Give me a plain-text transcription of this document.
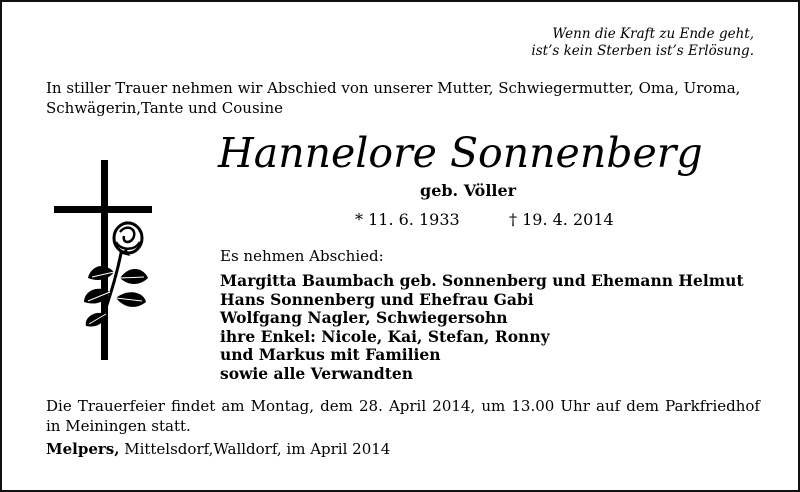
Wenn die Kraft zu Ende geht,
ist’s kein Sterben ist’s Erlösung.
In stiller Trauer nehmen wir Abschied von unserer Mutter, Schwiegermutter, Oma, Uroma,
Schwägerin,Tante und Cousine
Hannelore Sonnenberg
geb. Völler
* 11. 6. 1933	† 19. 4. 2014
Es nehmen Abschied:
Margitta Baumbach geb. Sonnenberg und Ehemann Helmut
Hans Sonnenberg und Ehefrau Gabi
Wolfgang Nagler, Schwiegersohn
ihre Enkel: Nicole, Kai, Stefan, Ronny
und Markus mit Familien
sowie alle Verwandten
Die Trauerfeier findet am Montag, dem 28. April 2014, um 13.00 Uhr auf dem Parkfriedhof in Meiningen statt.
Melpers, Mittelsdorf,Walldorf, im April 2014
